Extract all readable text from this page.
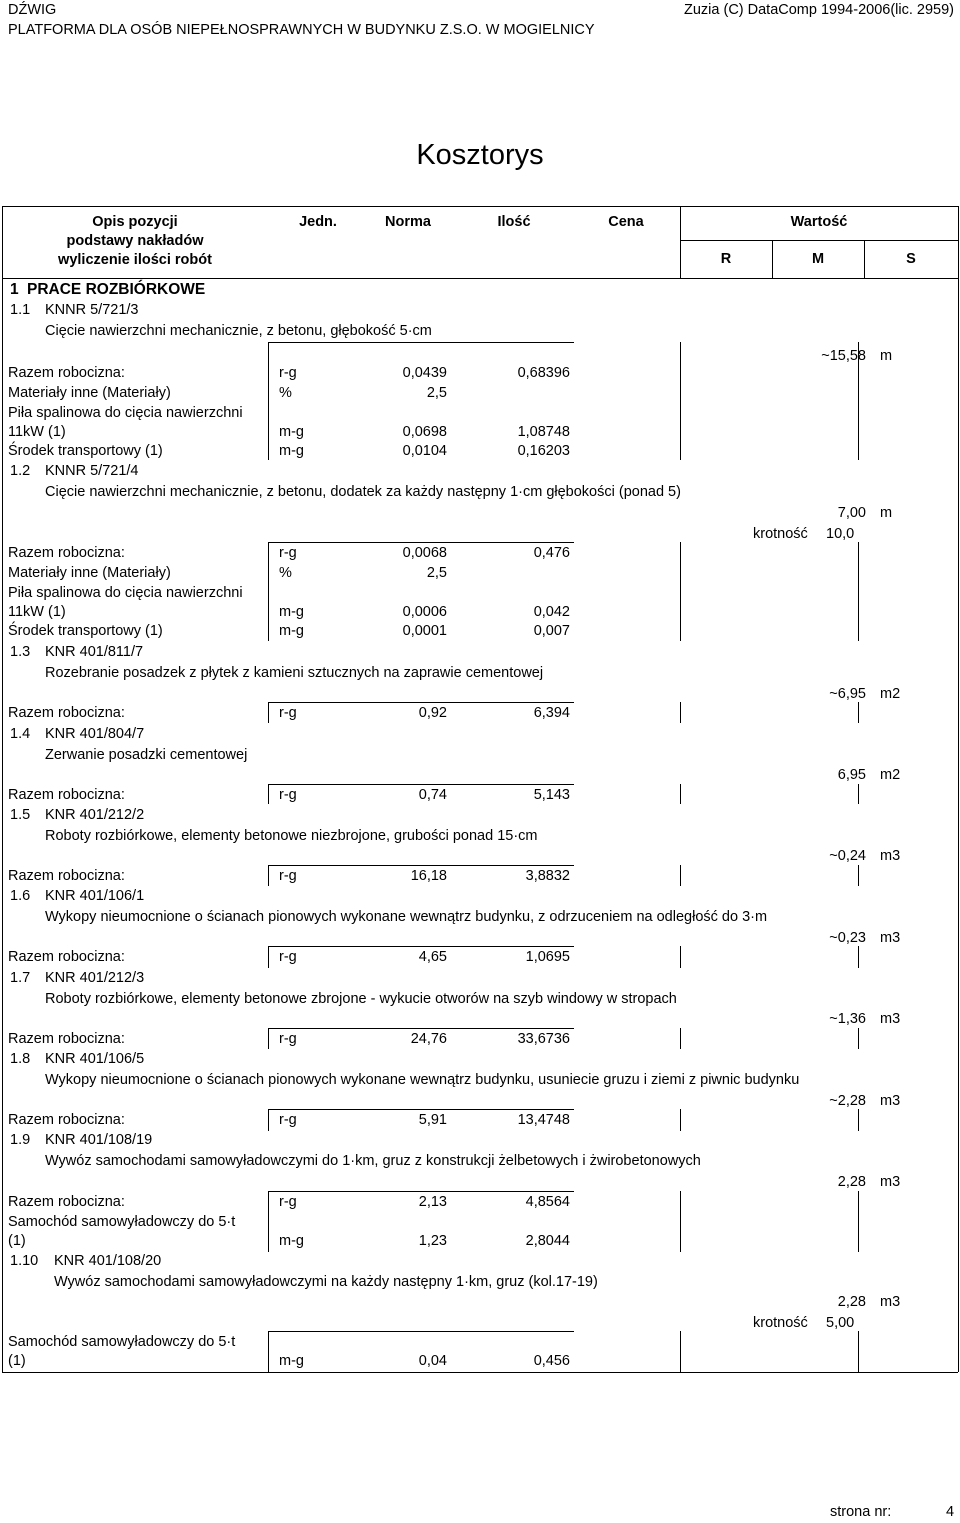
DŹWIG	Zuzia (C) DataComp 1994-2006(lic. 2959)
PLATFORMA DLA OSÓB NIEPEŁNOSPRAWNYCH W BUDYNKU Z.S.O. W MOGIELNICY
Kosztorys
Opis pozycji
podstawy nakładów
wyliczenie ilości robót
Jedn.	Norma	Ilość	Cena	Wartość
R	M	S
1 PRACE ROZBIÓRKOWE
1.1 KNNR 5/721/3
Cięcie nawierzchni mechanicznie, z betonu, głębokość 5·cm
~15,58 m
Razem robocizna:	r-g	0,0439	0,68396
Materiały inne (Materiały)	%	2,5
Piła spalinowa do cięcia nawierzchni
11kW (1)	m-g	0,0698	1,08748
Środek transportowy (1)	m-g	0,0104	0,16203
1.2 KNNR 5/721/4
Cięcie nawierzchni mechanicznie, z betonu, dodatek za każdy następny 1·cm głębokości (ponad 5)
7,00 m
krotność 10,0
Razem robocizna:	r-g	0,0068	0,476
Materiały inne (Materiały)	%	2,5
Piła spalinowa do cięcia nawierzchni
11kW (1)	m-g	0,0006	0,042
Środek transportowy (1)	m-g	0,0001	0,007
1.3 KNR 401/811/7
Rozebranie posadzek z płytek z kamieni sztucznych na zaprawie cementowej
~6,95 m2
Razem robocizna:	r-g	0,92	6,394
1.4 KNR 401/804/7
Zerwanie posadzki cementowej
6,95 m2
Razem robocizna:	r-g	0,74	5,143
1.5 KNR 401/212/2
Roboty rozbiórkowe, elementy betonowe niezbrojone, grubości ponad 15·cm
~0,24 m3
Razem robocizna:	r-g	16,18	3,8832
1.6 KNR 401/106/1
Wykopy nieumocnione o ścianach pionowych wykonane wewnątrz budynku, z odrzuceniem na odległość do 3·m
~0,23 m3
Razem robocizna:	r-g	4,65	1,0695
1.7 KNR 401/212/3
Roboty rozbiórkowe, elementy betonowe zbrojone - wykucie otworów na szyb windowy w stropach
~1,36 m3
Razem robocizna:	r-g	24,76	33,6736
1.8 KNR 401/106/5
Wykopy nieumocnione o ścianach pionowych wykonane wewnątrz budynku, usuniecie gruzu i ziemi z piwnic budynku
~2,28 m3
Razem robocizna:	r-g	5,91	13,4748
1.9 KNR 401/108/19
Wywóz samochodami samowyładowczymi do 1·km, gruz z konstrukcji żelbetowych i żwirobetonowych
2,28 m3
Razem robocizna:	r-g	2,13	4,8564
Samochód samowyładowczy do 5·t
(1)	m-g	1,23	2,8044
1.10 KNR 401/108/20
Wywóz samochodami samowyładowczymi na każdy następny 1·km, gruz (kol.17-19)
2,28 m3
krotność 5,00
Samochód samowyładowczy do 5·t
(1)	m-g	0,04	0,456
strona nr:	4
